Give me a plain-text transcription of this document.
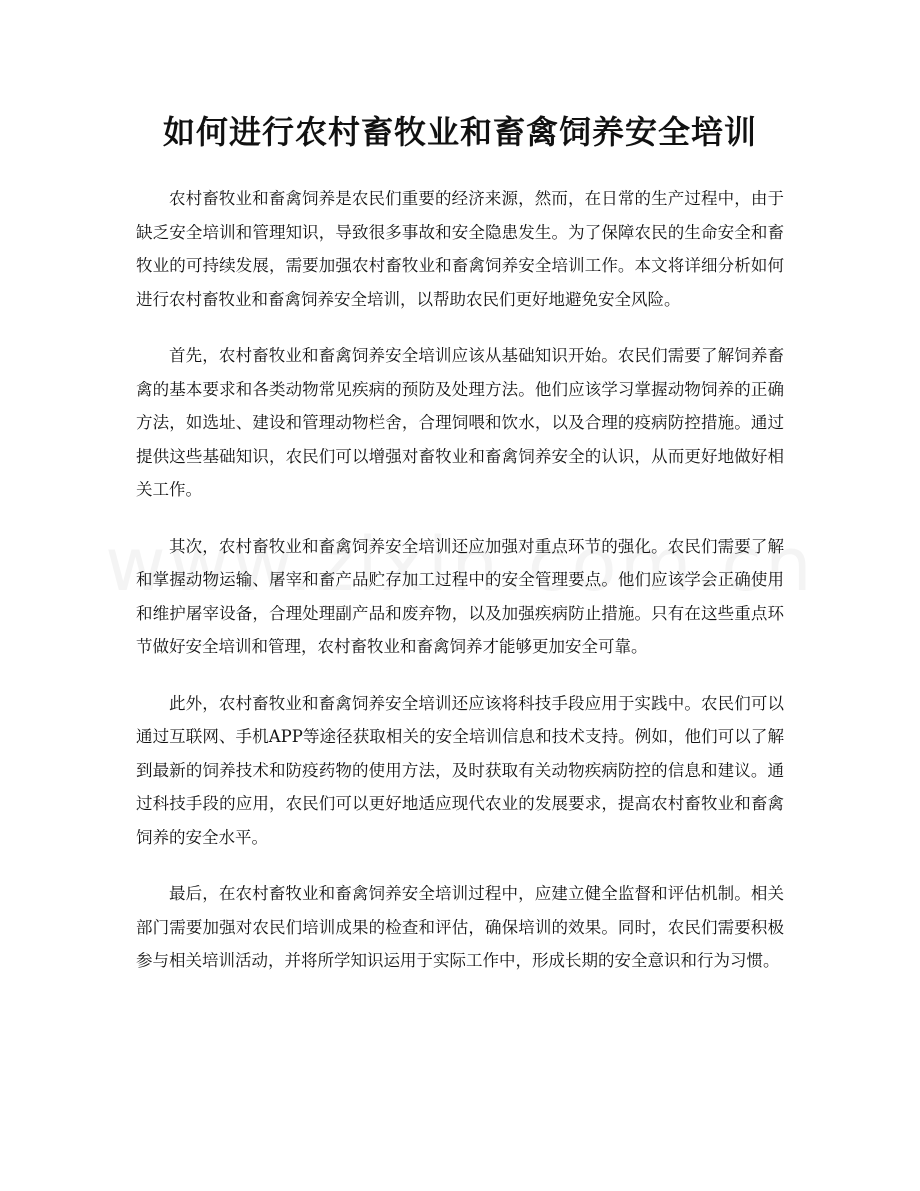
如何进行农村畜牧业和畜禽饲养安全培训

农村畜牧业和畜禽饲养是农民们重要的经济来源，然而，在日常的生产过程中，由于缺乏安全培训和管理知识，导致很多事故和安全隐患发生。为了保障农民的生命安全和畜牧业的可持续发展，需要加强农村畜牧业和畜禽饲养安全培训工作。本文将详细分析如何进行农村畜牧业和畜禽饲养安全培训，以帮助农民们更好地避免安全风险。

首先，农村畜牧业和畜禽饲养安全培训应该从基础知识开始。农民们需要了解饲养畜禽的基本要求和各类动物常见疾病的预防及处理方法。他们应该学习掌握动物饲养的正确方法，如选址、建设和管理动物栏舍，合理饲喂和饮水，以及合理的疫病防控措施。通过提供这些基础知识，农民们可以增强对畜牧业和畜禽饲养安全的认识，从而更好地做好相关工作。

其次，农村畜牧业和畜禽饲养安全培训还应加强对重点环节的强化。农民们需要了解和掌握动物运输、屠宰和畜产品贮存加工过程中的安全管理要点。他们应该学会正确使用和维护屠宰设备，合理处理副产品和废弃物，以及加强疾病防止措施。只有在这些重点环节做好安全培训和管理，农村畜牧业和畜禽饲养才能够更加安全可靠。

此外，农村畜牧业和畜禽饲养安全培训还应该将科技手段应用于实践中。农民们可以通过互联网、手机APP等途径获取相关的安全培训信息和技术支持。例如，他们可以了解到最新的饲养技术和防疫药物的使用方法，及时获取有关动物疾病防控的信息和建议。通过科技手段的应用，农民们可以更好地适应现代农业的发展要求，提高农村畜牧业和畜禽饲养的安全水平。

最后，在农村畜牧业和畜禽饲养安全培训过程中，应建立健全监督和评估机制。相关部门需要加强对农民们培训成果的检查和评估，确保培训的效果。同时，农民们需要积极参与相关培训活动，并将所学知识运用于实际工作中，形成长期的安全意识和行为习惯。
